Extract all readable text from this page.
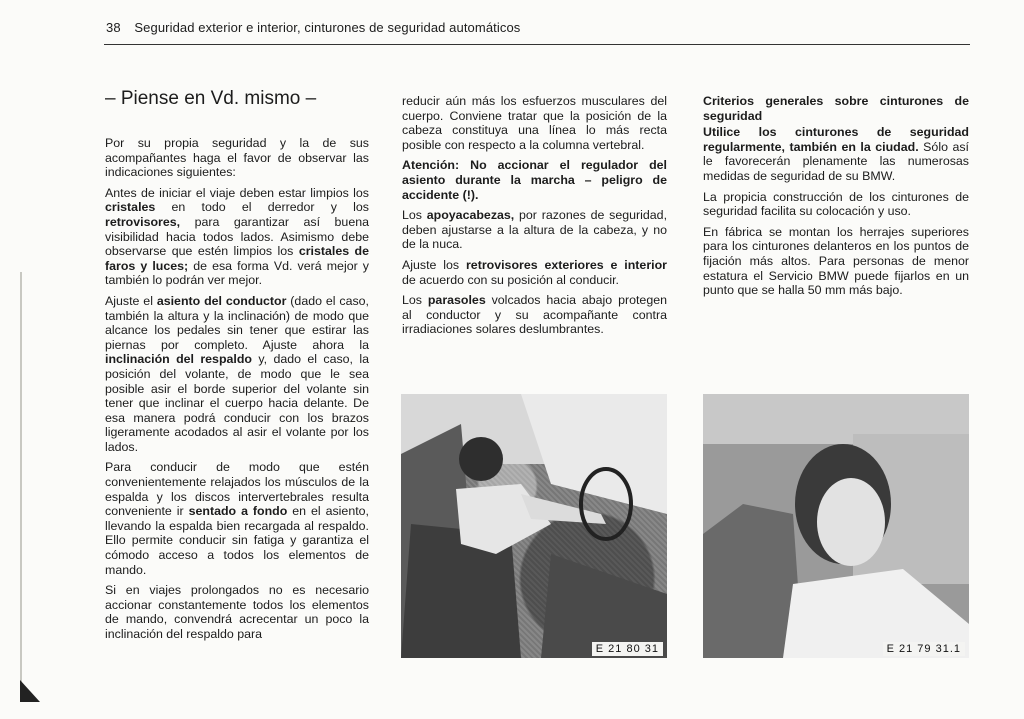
38 Seguridad exterior e interior, cinturones de seguridad automáticos
– Piense en Vd. mismo –

Por su propia seguridad y la de sus acompañantes haga el favor de observar las indicaciones siguientes:

Antes de iniciar el viaje deben estar limpios los cristales en todo el derredor y los retrovisores, para garantizar así buena visibilidad hacia todos lados. Asimismo debe observarse que estén limpios los cristales de faros y luces; de esa forma Vd. verá mejor y también lo podrán ver mejor.

Ajuste el asiento del conductor (dado el caso, también la altura y la inclinación) de modo que alcance los pedales sin tener que estirar las piernas por completo. Ajuste ahora la inclinación del respaldo y, dado el caso, la posición del volante, de modo que le sea posible asir el borde superior del volante sin tener que inclinar el cuerpo hacia delante. De esa manera podrá conducir con los brazos ligeramente acodados al asir el volante por los lados.

Para conducir de modo que estén convenientemente relajados los músculos de la espalda y los discos intervertebrales resulta conveniente ir sentado a fondo en el asiento, llevando la espalda bien recargada al respaldo. Ello permite conducir sin fatiga y garantiza el cómodo acceso a todos los elementos de mando.

Si en viajes prolongados no es necesario accionar constantemente todos los elementos de mando, convendrá acrecentar un poco la inclinación del respaldo para

reducir aún más los esfuerzos musculares del cuerpo. Conviene tratar que la posición de la cabeza constituya una línea lo más recta posible con respecto a la columna vertebral.

Atención: No accionar el regulador del asiento durante la marcha – peligro de accidente (!).

Los apoyacabezas, por razones de seguridad, deben ajustarse a la altura de la cabeza, y no de la nuca.

Ajuste los retrovisores exteriores e interior de acuerdo con su posición al conducir.

Los parasoles volcados hacia abajo protegen al conductor y su acompañante contra irradiaciones solares deslumbrantes.

Criterios generales sobre cinturones de seguridad

Utilice los cinturones de seguridad regularmente, también en la ciudad. Sólo así le favorecerán plenamente las numerosas medidas de seguridad de su BMW.

La propicia construcción de los cinturones de seguridad facilita su colocación y uso.

En fábrica se montan los herrajes superiores para los cinturones delanteros en los puntos de fijación más altos. Para personas de menor estatura el Servicio BMW puede fijarlos en un punto que se halla 50 mm más bajo.

E 21 80 31	E 21 79 31.1
